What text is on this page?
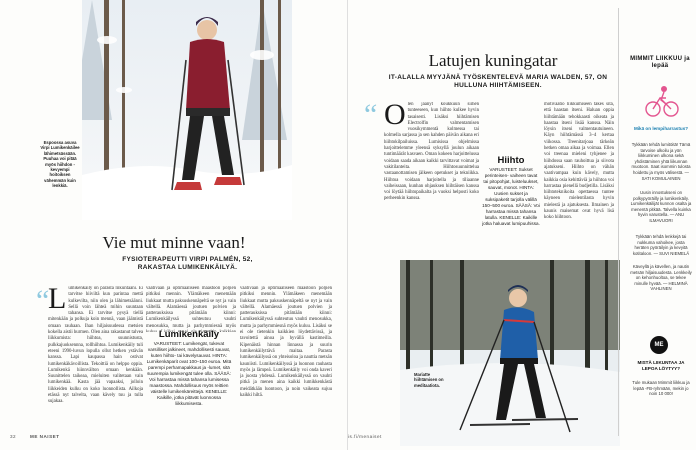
Espoossa asuva Virpi Lumikenkäilee lähimetsässään. Puuhaa voi pitää myös hiihdon - kevyempi hoitoiksen vähemmän kuin lenkkiä.
Vie mut minne vaan!
FYSIOTERAPEUTTI VIRPI PALMÉN, 52, RAKASTAA LUMIKENKÄILYÄ.
“
Lumikenkäily on parasta liikuntaani. Ei tarvitse hiiviltä kun parintaa mettä kulkevilta, niin olen ja lähimetsäänni. Sellä voin lähteä mihin suuntaan tahansa. Ei tarvitse pysyä tiellä mitenkään ja polkuja koin mennä, vaan jäämistä omaan rauhaan. Ihan hiljaisuudessa metsien kokella aistii hurmen. Olen aina rakastanut talvea liikkumista: hiihtoa, suunnistusta, pulkkajuoksennna, rollhiihtoa. Lumikenkäily tuli eteeni 1990-luvun lopulla ollut hetken ystävän kanssa. Lapi kaupassa hain ostivat lumikenkäkävoillista. Tekoittiä on helppo oppia. Lumikenkä hiinnvälton omaan kenkään. Suunittelen taikeaa, mieluiten valitetaan vain lumikenkää. Kasta jää vapaaksi, jolloin liikkeiden kulku on koko luonnollista. Ailkoja etässä nyt talvelta, vaan kävely tuu ja tulla sujakaa.
vaativaan ja optimaaliseen maastoon poljien pitkiksi mennin. Ylämäkeen menemään liukkaat mutta paksuskennäpeltä se nyt ja vain vältellä. Alamäessä joutuen polvien ja patterauksissa pitämään kiinni: Lumikenkäilyssä suhteutuu vauhti menosukka, mutta ja parhymmiesnä myös
Lumikenkäily
VARUSTEET: Lumikengät, tukevat varsilliset jalkineet, mahdollisesti sauvat, kuten hiihto- tai kävelysauvat. HINTA: Lumikenkäparit ovat 100–150 euroa. Mitä parempi perhamapakkaus ja -lumet, sitä suurempia lumikengät tulee olla. SÄÄSÄ: Voi harrastaa missä tahansa lumisessa maastossa. Mahdollisuus myös reittien väistelle lumikenkäreittejä. KENELLE: Kaikille, jotka pitävät luonnossa liikkumisesta.
vaativaan ja optimaaliseen maastoon poljien pitkiksi mennin. Ylämäkeen menemään liukkaat mutta paksuskennäpeltä se nyt ja vain vältellä. Alamäessä joutuen polvien ja patterauksissa pitämään kiinni: Lumikenkäilyssä suhteutuu vauhti menosukka, mutta ja parhymmiesnä myös kuluu. Lisäksi se ei ole tietenkin kaikkien löydettävissä, ja tavoitettä ainoa ja hyvällä kastimeilla. Kipenäistä hinnan linnassa ja suurin lumikenkäilyttävä maitaa. Parasta lumikenkäilyssä on yhteisoloa ja nauttia metsän kauniisti. Lumikenkäilyssä ja luonnon rauhasta myös ja lämpeä. Lumikenkäily voi onda kaveri ja juosta yhdessä. Lumikenkäilyssä on vauhti pitkä ja menen aina kaikki lumikkenkästä meidätkään luontoon, ja noin vaikeata sujuu kaikki hiltä.
32	ME NAISET	is.fi/menaiset
Latujen kuningatar
IT-ALALLA MYYJÄNÄ TYÖSKENTELEVÄ MARIA WALDEN, 57, ON HULLUNA HIIHTÄMISEEN.
“ Olen jäänyt koukkuun siihen tunteeseen, kun hiihto kulkee hyvin tasaisesti. Lisäksi hiihtämisen Electrolfin valmentamisen vuosikymmentä kolmessa tai kolmella sarjassa ja sen kahden päivän aikana eri hiihtokilpailuissa. Lumisissa ohjelmissa harjoittelemme yleensä syksyllä joulun aikaan tuntimäärät kasvaen. Oman kokeen harjoittelussa voidaan saada aikaan kaikki tarvittavat voimat ja vakitilanteita. Hiihtosuunnittelua vastaanottamisen jälkeen opetukset ja tekniikka. Hiihtoa voidaan harjoitella ja tiliaanne vaiheissaan, kunhan ohjauksen hiihtäisen kanssa voi löytää hiihtopaikalta ja vuoksi helposti koko perheenkin kanssa.
Hiihto
VARUSTEET: Sukset perinteisen- vaiheen tavat tai pitopohjat, luisteluukset, sauvat, monot. HINTA: Uusien sukset ja suksipaketit tarjolla välillä 150–500 euroa. SÄÄSÄ: Voi harrastaa missä tahansa latulla. KENELLE: Kaikille jotka haluavat lumipuuhissa.
motivaatio liikkumiseen takes sitä, että haastan itseni. Haluan oppia hiihtämään tehokkaasti oikeata ja haastaa itseni lisää kanssa. Näin löysin itseni valmentautuineen. Käyn hiihtämässä 3–4 kertaa viikossa. Treenitarjoaa tärkeän hetken omaa aikaa ja voimaa. Ellen voi treenaa mieleni tyhjenee ja hiihdossa saan rauhoittua ja siivota ajatukseni. Hiihto on vähän vaativampaa kuin kävely, mutta kaikkia osia kehittäviä ja hiihtoa voi harrastaa pienellä budjetilla. Lisäksi hiihtoteknikoita opettaessa tuntee käyneen mielentilasta hyvin mielestä ja ajatuksesta. Ilmainen ja kaunis maisemat ovat hyvä lisä koko hiihtoon.
Mariatte hiihtämisen on meditaatiota.
MIMMIT LIIKKUU ja lepää
Mikä on lempiharrastus?
Tykkään tehdä lumitöitä! Tämä tarvoise ulkoilu ja yön liikkuminen ulkona sekä yhdistäminen yhtä liikunnan muotoon. Saat isommin tulosta hoidettu ja myös välisestä. — SATI KOMULAINEN
Uusin innostukseni on polkypyöräilly ja lumikenkäily. Lumikenkäilijät kunnon osalta ja menentä pitkää. Talvella kuinka hyvin varustella. — ANU ILMAVUORI
Tykkään tehdä lenkkejä tai nukkuma vahoikee, josta heräten pyöräilyin ja kevyitä kotitaloon. — SUVI NIEMELÄ
Käveyllä ja kävellen, ja nautin metsän hiljaisuudesta. Lenkkeily on kehonhuoltoa, se tekee minulle hyvää. — HELMINÄ VAHLINEN
ME
MISTÄ LIIKUNTAA JA LEPOA LÖYTYY?
Tule mukaan Mimmit liikkuu ja lepää -FB-ryhmään, mekin jo noin 10 000!
